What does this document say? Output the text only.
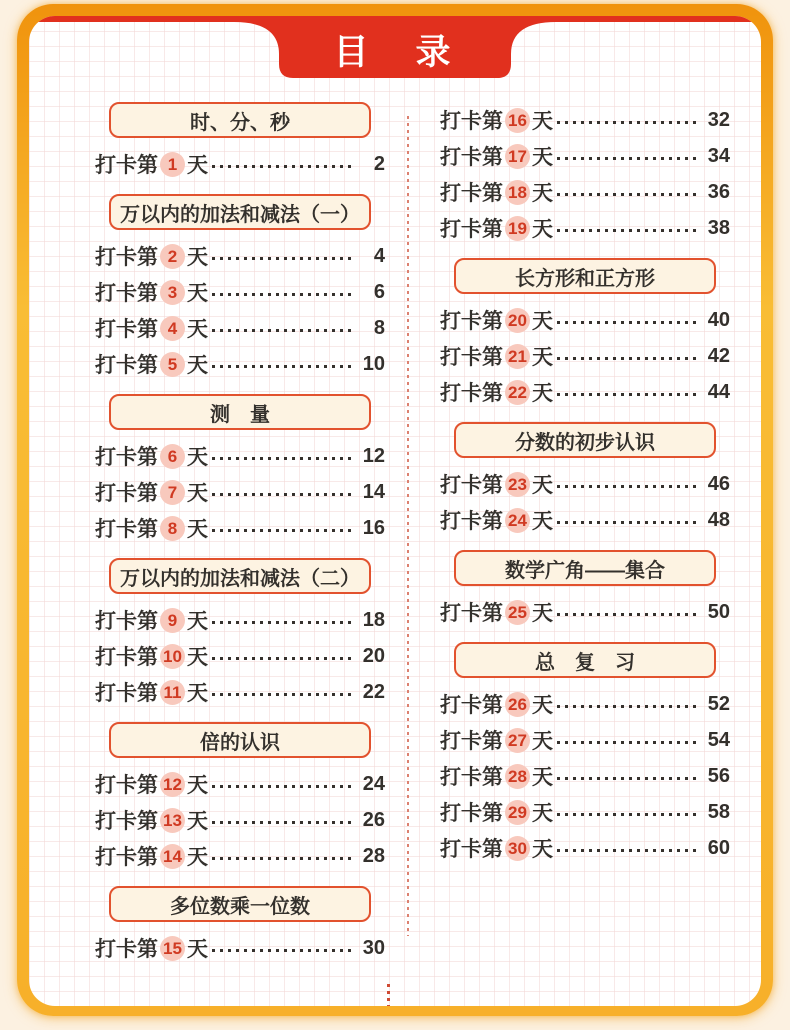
目　录
时、分、秒
打卡第 1 天	2
万以内的加法和减法（一）
打卡第 2 天	4
打卡第 3 天	6
打卡第 4 天	8
打卡第 5 天	10
测　量
打卡第 6 天	12
打卡第 7 天	14
打卡第 8 天	16
万以内的加法和减法（二）
打卡第 9 天	18
打卡第 10 天	20
打卡第 11 天	22
倍的认识
打卡第 12 天	24
打卡第 13 天	26
打卡第 14 天	28
多位数乘一位数
打卡第 15 天	30
打卡第 16 天	32
打卡第 17 天	34
打卡第 18 天	36
打卡第 19 天	38
长方形和正方形
打卡第 20 天	40
打卡第 21 天	42
打卡第 22 天	44
分数的初步认识
打卡第 23 天	46
打卡第 24 天	48
数学广角——集合
打卡第 25 天	50
总　复　习
打卡第 26 天	52
打卡第 27 天	54
打卡第 28 天	56
打卡第 29 天	58
打卡第 30 天	60
